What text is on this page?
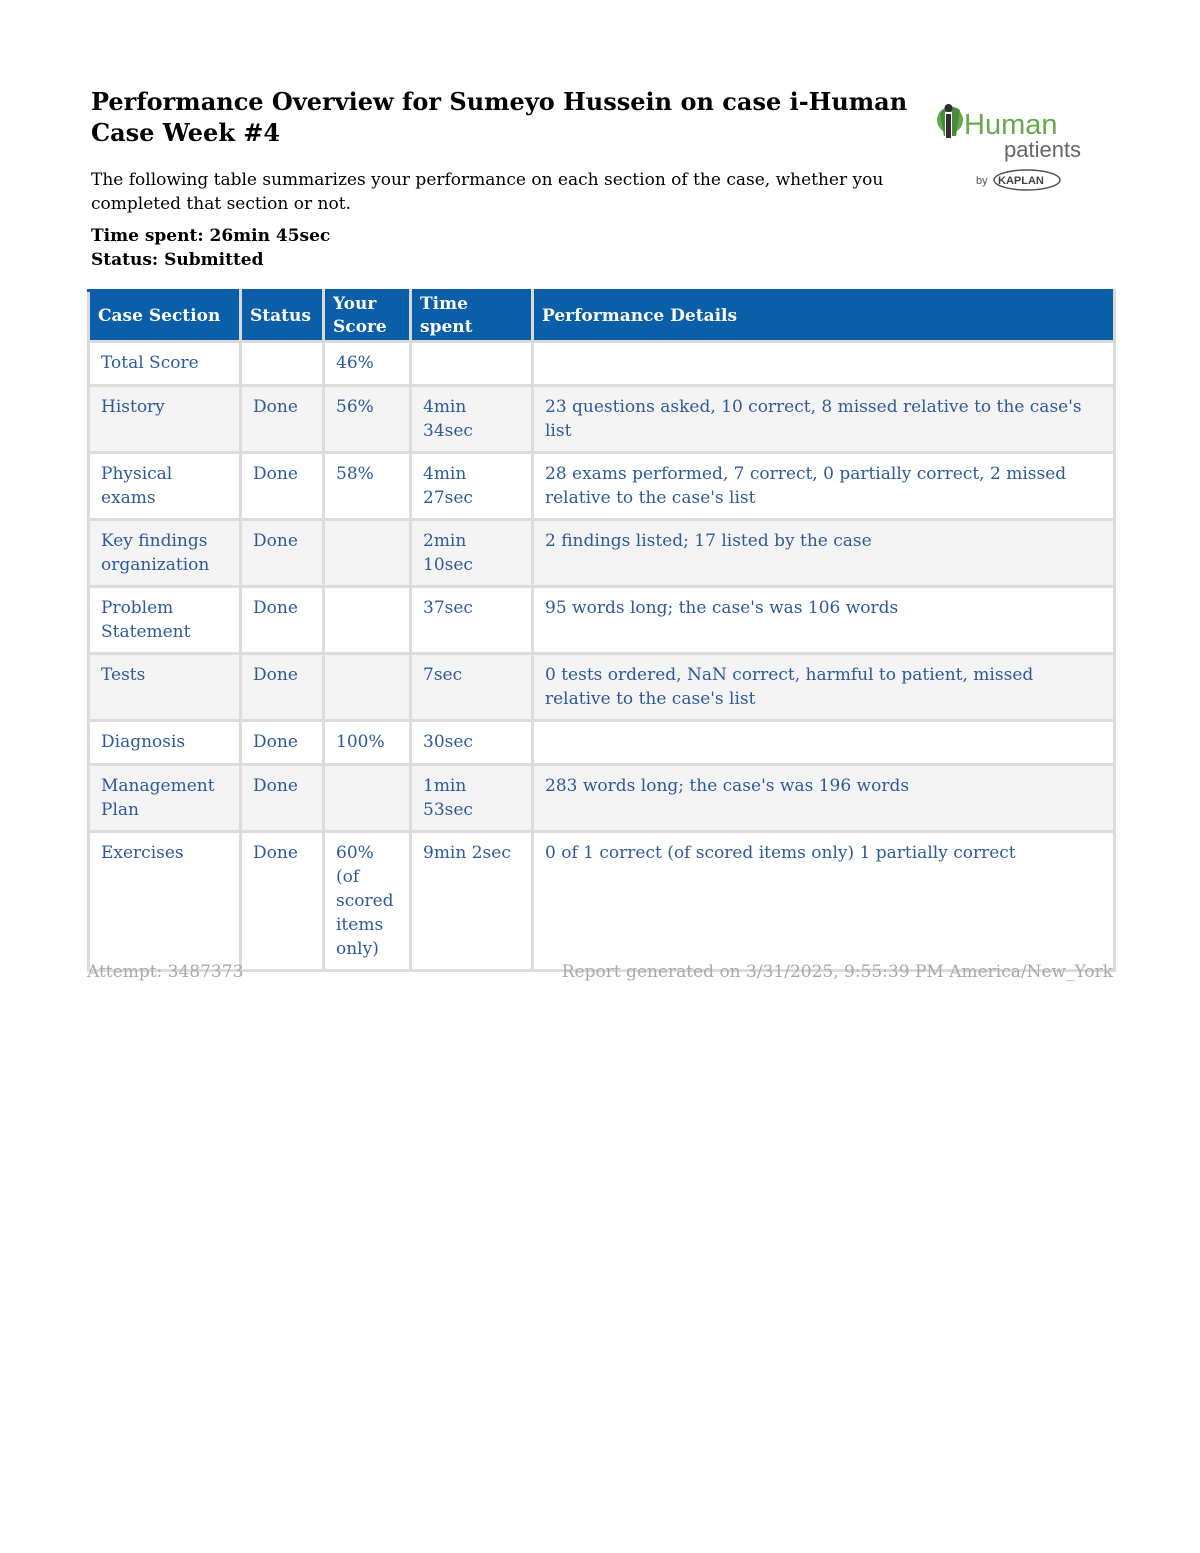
Performance Overview for Sumeyo Hussein on case i-Human Case Week #4	Human
patients
by KAPLAN

The following table summarizes your performance on each section of the case, whether you completed that section or not.

Time spent: 26min 45sec
Status: Submitted
Case Section	Status	Your Score	Time spent	Performance Details
Total Score		46%		
History	Done	56%	4min 34sec	23 questions asked, 10 correct, 8 missed relative to the case's list
Physical exams	Done	58%	4min 27sec	28 exams performed, 7 correct, 0 partially correct, 2 missed relative to the case's list
Key findings organization	Done		2min 10sec	2 findings listed; 17 listed by the case
Problem Statement	Done		37sec	95 words long; the case's was 106 words
Tests	Done		7sec	0 tests ordered, NaN correct, harmful to patient, missed relative to the case's list
Diagnosis	Done	100%	30sec	
Management Plan	Done		1min 53sec	283 words long; the case's was 196 words
Exercises	Done	60% (of scored items only)	9min 2sec	0 of 1 correct (of scored items only) 1 partially correct
Attempt: 3487373	Report generated on 3/31/2025, 9:55:39 PM America/New_York
